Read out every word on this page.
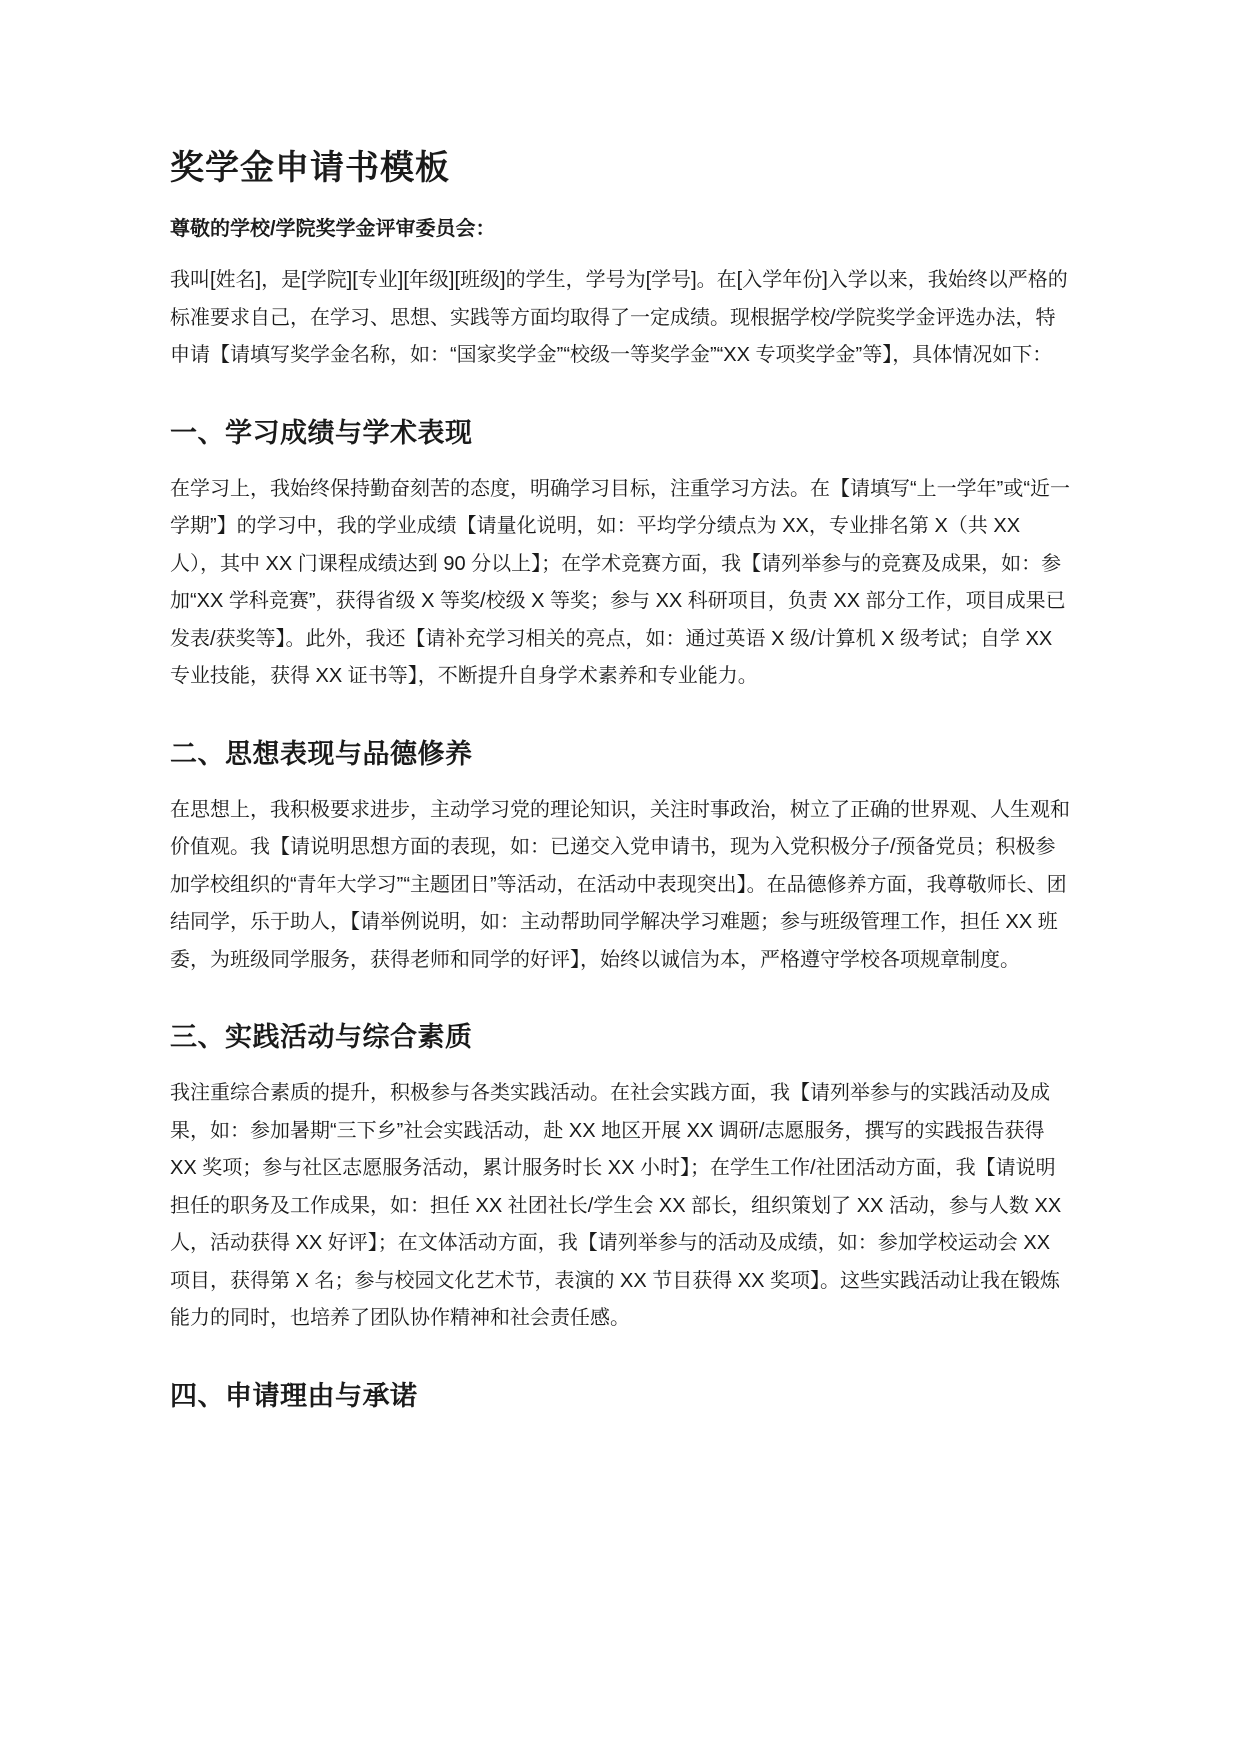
奖学金申请书模板

尊敬的学校/学院奖学金评审委员会：

我叫[姓名]，是[学院][专业][年级][班级]的学生，学号为[学号]。在[入学年份]入学以来，我始终以严格的标准要求自己，在学习、思想、实践等方面均取得了一定成绩。现根据学校/学院奖学金评选办法，特申请【请填写奖学金名称，如：“国家奖学金”“校级一等奖学金”“XX 专项奖学金”等】，具体情况如下：

一、学习成绩与学术表现

在学习上，我始终保持勤奋刻苦的态度，明确学习目标，注重学习方法。在【请填写“上一学年”或“近一学期”】的学习中，我的学业成绩【请量化说明，如：平均学分绩点为 XX，专业排名第 X（共 XX 人），其中 XX 门课程成绩达到 90 分以上】；在学术竞赛方面，我【请列举参与的竞赛及成果，如：参加“XX 学科竞赛”，获得省级 X 等奖/校级 X 等奖；参与 XX 科研项目，负责 XX 部分工作，项目成果已发表/获奖等】。此外，我还【请补充学习相关的亮点，如：通过英语 X 级/计算机 X 级考试；自学 XX 专业技能，获得 XX 证书等】，不断提升自身学术素养和专业能力。

二、思想表现与品德修养

在思想上，我积极要求进步，主动学习党的理论知识，关注时事政治，树立了正确的世界观、人生观和价值观。我【请说明思想方面的表现，如：已递交入党申请书，现为入党积极分子/预备党员；积极参加学校组织的“青年大学习”“主题团日”等活动，在活动中表现突出】。在品德修养方面，我尊敬师长、团结同学，乐于助人，【请举例说明，如：主动帮助同学解决学习难题；参与班级管理工作，担任 XX 班委，为班级同学服务，获得老师和同学的好评】，始终以诚信为本，严格遵守学校各项规章制度。

三、实践活动与综合素质

我注重综合素质的提升，积极参与各类实践活动。在社会实践方面，我【请列举参与的实践活动及成果，如：参加暑期“三下乡”社会实践活动，赴 XX 地区开展 XX 调研/志愿服务，撰写的实践报告获得 XX 奖项；参与社区志愿服务活动，累计服务时长 XX 小时】；在学生工作/社团活动方面，我【请说明担任的职务及工作成果，如：担任 XX 社团社长/学生会 XX 部长，组织策划了 XX 活动，参与人数 XX 人，活动获得 XX 好评】；在文体活动方面，我【请列举参与的活动及成绩，如：参加学校运动会 XX 项目，获得第 X 名；参与校园文化艺术节，表演的 XX 节目获得 XX 奖项】。这些实践活动让我在锻炼能力的同时，也培养了团队协作精神和社会责任感。

四、申请理由与承诺
